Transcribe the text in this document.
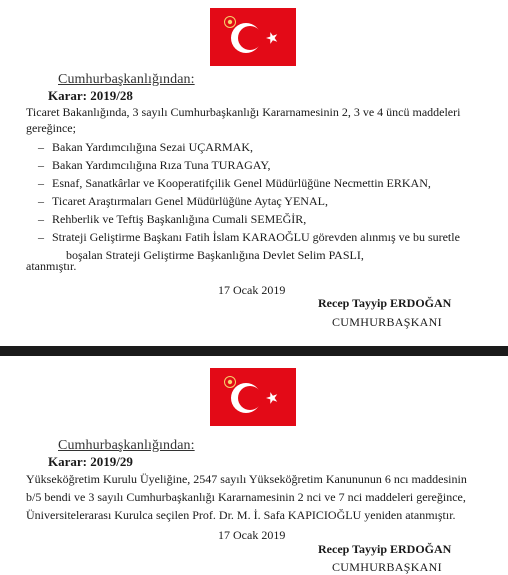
Cumhurbaşkanlığından:
Karar: 2019/28
Ticaret Bakanlığında, 3 sayılı Cumhurbaşkanlığı Kararnamesinin 2, 3 ve 4 üncü maddeleri gereğince;
– Bakan Yardımcılığına Sezai UÇARMAK,
– Bakan Yardımcılığına Rıza Tuna TURAGAY,
– Esnaf, Sanatkârlar ve Kooperatifçilik Genel Müdürlüğüne Necmettin ERKAN,
– Ticaret Araştırmaları Genel Müdürlüğüne Aytaç YENAL,
– Rehberlik ve Teftiş Başkanlığına Cumali SEMEĞİR,
– Strateji Geliştirme Başkanı Fatih İslam KARAOĞLU görevden alınmış ve bu suretle
boşalan Strateji Geliştirme Başkanlığına Devlet Selim PASLI,
atanmıştır.
17 Ocak 2019
Recep Tayyip ERDOĞAN
CUMHURBAŞKANI
Cumhurbaşkanlığından:
Karar: 2019/29
Yükseköğretim Kurulu Üyeliğine, 2547 sayılı Yükseköğretim Kanununun 6 ncı maddesinin
b/5 bendi ve 3 sayılı Cumhurbaşkanlığı Kararnamesinin 2 nci ve 7 nci maddeleri gereğince,
Üniversitelerarası Kurulca seçilen Prof. Dr. M. İ. Safa KAPICIOĞLU yeniden atanmıştır.
17 Ocak 2019
Recep Tayyip ERDOĞAN
CUMHURBAŞKANI
